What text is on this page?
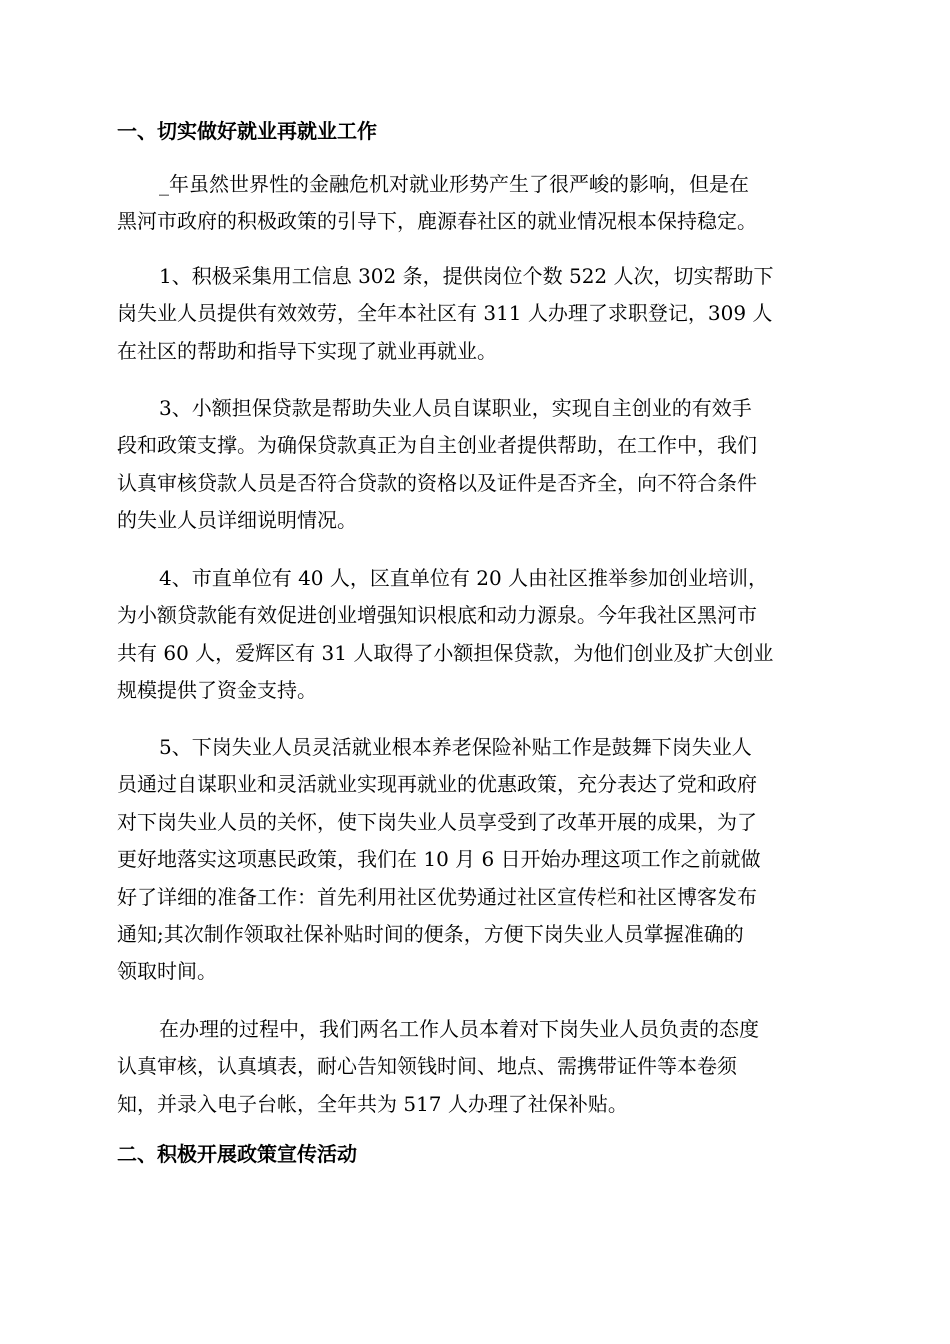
一、切实做好就业再就业工作

_年虽然世界性的金融危机对就业形势产生了很严峻的影响，但是在
黑河市政府的积极政策的引导下，鹿源春社区的就业情况根本保持稳定。

1、积极采集用工信息 302 条，提供岗位个数 522 人次，切实帮助下
岗失业人员提供有效效劳，全年本社区有 311 人办理了求职登记，309 人
在社区的帮助和指导下实现了就业再就业。

3、小额担保贷款是帮助失业人员自谋职业，实现自主创业的有效手
段和政策支撑。为确保贷款真正为自主创业者提供帮助，在工作中，我们
认真审核贷款人员是否符合贷款的资格以及证件是否齐全，向不符合条件
的失业人员详细说明情况。

4、市直单位有 40 人，区直单位有 20 人由社区推举参加创业培训，
为小额贷款能有效促进创业增强知识根底和动力源泉。今年我社区黑河市
共有 60 人，爱辉区有 31 人取得了小额担保贷款，为他们创业及扩大创业
规模提供了资金支持。

5、下岗失业人员灵活就业根本养老保险补贴工作是鼓舞下岗失业人
员通过自谋职业和灵活就业实现再就业的优惠政策，充分表达了党和政府
对下岗失业人员的关怀，使下岗失业人员享受到了改革开展的成果，为了
更好地落实这项惠民政策，我们在 10 月 6 日开始办理这项工作之前就做
好了详细的准备工作：首先利用社区优势通过社区宣传栏和社区博客发布
通知;其次制作领取社保补贴时间的便条，方便下岗失业人员掌握准确的
领取时间。

在办理的过程中，我们两名工作人员本着对下岗失业人员负责的态度
认真审核，认真填表，耐心告知领钱时间、地点、需携带证件等本卷须
知，并录入电子台帐，全年共为 517 人办理了社保补贴。

二、积极开展政策宣传活动
